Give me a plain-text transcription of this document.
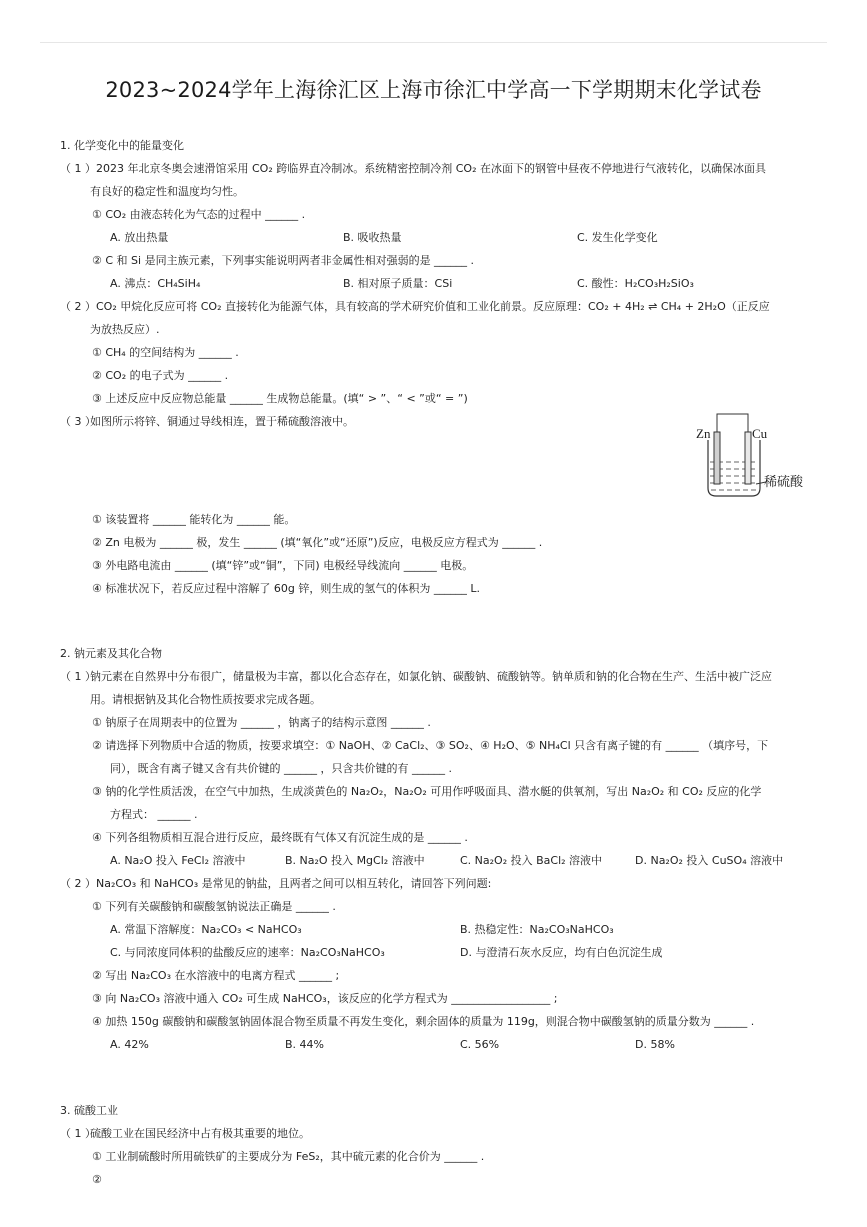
2023~2024学年上海徐汇区上海市徐汇中学高一下学期期末化学试卷
1. 化学变化中的能量变化
（ 1 ） 2023 年北京冬奥会速滑馆采用 CO₂ 跨临界直冷制冰。系统精密控制冷剂 CO₂ 在冰面下的钢管中昼夜不停地进行气液转化，以确保冰面具
有良好的稳定性和温度均匀性。
① CO₂ 由液态转化为气态的过程中 ______ .
A. 放出热量	B. 吸收热量	C. 发生化学变化
② C 和 Si 是同主族元素，下列事实能说明两者非金属性相对强弱的是 ______ .
A. 沸点：CH₄SiH₄	B. 相对原子质量：CSi	C. 酸性：H₂CO₃H₂SiO₃
（ 2 ） CO₂ 甲烷化反应可将 CO₂ 直接转化为能源气体，具有较高的学术研究价值和工业化前景。反应原理：CO₂ + 4H₂ ⇌ CH₄ + 2H₂O（正反应
为放热反应）.
① CH₄ 的空间结构为 ______ .
② CO₂ 的电子式为 ______ .
③ 上述反应中反应物总能量 ______ 生成物总能量。(填“ > ”、“ < ”或“ = ”)
（ 3 ）
如图所示将锌、铜通过导线相连，置于稀硫酸溶液中。
Zn	Cu
稀硫酸
① 该装置将 ______ 能转化为 ______ 能。
② Zn 电极为 ______ 极，发生 ______ (填“氧化”或“还原”)反应，电极反应方程式为 ______ .
③ 外电路电流由 ______ (填“锌”或“铜”，下同) 电极经导线流向 ______ 电极。
④ 标准状况下，若反应过程中溶解了 60g 锌，则生成的氢气的体积为 ______ L.
2. 钠元素及其化合物
（ 1 ）
钠元素在自然界中分布很广，储量极为丰富，都以化合态存在，如氯化钠、碳酸钠、硫酸钠等。钠单质和钠的化合物在生产、生活中被广泛应
用。请根据钠及其化合物性质按要求完成各题。
① 钠原子在周期表中的位置为 ______ ，钠离子的结构示意图 ______ .
② 请选择下列物质中合适的物质，按要求填空：① NaOH、② CaCl₂、③ SO₂、④ H₂O、⑤ NH₄Cl 只含有离子键的有 ______ （填序号，下
同），既含有离子键又含有共价键的 ______ ，只含共价键的有 ______ .
③ 钠的化学性质活泼，在空气中加热，生成淡黄色的 Na₂O₂，Na₂O₂ 可用作呼吸面具、潜水艇的供氧剂，写出 Na₂O₂ 和 CO₂ 反应的化学
方程式： ______ .
④ 下列各组物质相互混合进行反应，最终既有气体又有沉淀生成的是 ______ .
A. Na₂O 投入 FeCl₂ 溶液中	B. Na₂O 投入 MgCl₂ 溶液中	C. Na₂O₂ 投入 BaCl₂ 溶液中	D. Na₂O₂ 投入 CuSO₄ 溶液中
（ 2 ） Na₂CO₃ 和 NaHCO₃ 是常见的钠盐，且两者之间可以相互转化，请回答下列问题:
① 下列有关碳酸钠和碳酸氢钠说法正确是 ______ .
A. 常温下溶解度：Na₂CO₃ < NaHCO₃	B. 热稳定性：Na₂CO₃NaHCO₃
C. 与同浓度同体积的盐酸反应的速率：Na₂CO₃NaHCO₃	D. 与澄清石灰水反应，均有白色沉淀生成
② 写出 Na₂CO₃ 在水溶液中的电离方程式 ______ ;
③ 向 Na₂CO₃ 溶液中通入 CO₂ 可生成 NaHCO₃，该反应的化学方程式为 __________________ ;
④ 加热 150g 碳酸钠和碳酸氢钠固体混合物至质量不再发生变化，剩余固体的质量为 119g，则混合物中碳酸氢钠的质量分数为 ______ .
A. 42%	B. 44%	C. 56%	D. 58%
3. 硫酸工业
（ 1 ）
硫酸工业在国民经济中占有极其重要的地位。
① 工业制硫酸时所用硫铁矿的主要成分为 FeS₂，其中硫元素的化合价为 ______ .
②
